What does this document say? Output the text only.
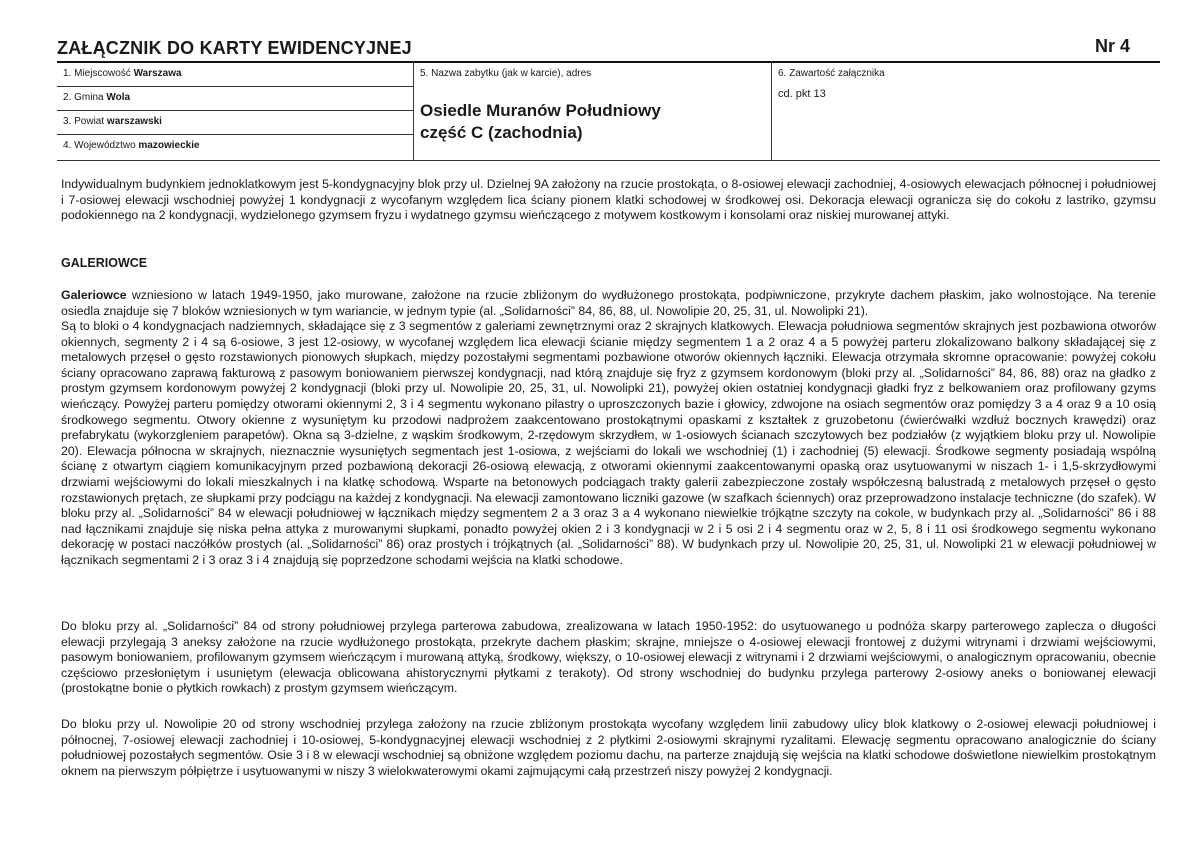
ZAŁĄCZNIK DO KARTY EWIDENCYJNEJ	Nr 4
1. Miejscowość Warszawa
2. Gmina Wola
3. Powiat warszawski
4. Województwo mazowieckie
5. Nazwa zabytku (jak w karcie), adres
Osiedle Muranów Południowy
część C (zachodnia)
6. Zawartość załącznika
cd. pkt 13

Indywidualnym budynkiem jednoklatkowym jest 5-kondygnacyjny blok przy ul. Dzielnej 9A założony na rzucie prostokąta, o 8-osiowej elewacji zachodniej, 4-osiowych elewacjach północnej i południowej i 7-osiowej elewacji wschodniej powyżej 1 kondygnacji z wycofanym względem lica ściany pionem klatki schodowej w środkowej osi. Dekoracja elewacji ogranicza się do cokołu z lastriko, gzymsu podokiennego na 2 kondygnacji, wydzielonego gzymsem fryzu i wydatnego gzymsu wieńczącego z motywem kostkowym i konsolami oraz niskiej murowanej attyki.

GALERIOWCE

Galeriowce wzniesiono w latach 1949-1950, jako murowane, założone na rzucie zbliżonym do wydłużonego prostokąta, podpiwniczone, przykryte dachem płaskim, jako wolnostojące. Na terenie osiedla znajduje się 7 bloków wzniesionych w tym wariancie, w jednym typie (al. „Solidarności” 84, 86, 88, ul. Nowolipie 20, 25, 31, ul. Nowolipki 21).

Są to bloki o 4 kondygnacjach nadziemnych, składające się z 3 segmentów z galeriami zewnętrznymi oraz 2 skrajnych klatkowych. Elewacja południowa segmentów skrajnych jest pozbawiona otworów okiennych, segmenty 2 i 4 są 6-osiowe, 3 jest 12-osiowy, w wycofanej względem lica elewacji ścianie między segmentem 1 a 2 oraz 4 a 5 powyżej parteru zlokalizowano balkony składającej się z metalowych przęseł o gęsto rozstawionych pionowych słupkach, między pozostałymi segmentami pozbawione otworów okiennych łączniki. Elewacja otrzymała skromne opracowanie: powyżej cokołu ściany opracowano zaprawą fakturową z pasowym boniowaniem pierwszej kondygnacji, nad którą znajduje się fryz z gzymsem kordonowym (bloki przy al. „Solidarności” 84, 86, 88) oraz na gładko z prostym gzymsem kordonowym powyżej 2 kondygnacji (bloki przy ul. Nowolipie 20, 25, 31, ul. Nowolipki 21), powyżej okien ostatniej kondygnacji gładki fryz z belkowaniem oraz profilowany gzyms wieńczący. Powyżej parteru pomiędzy otworami okiennymi 2, 3 i 4 segmentu wykonano pilastry o uproszczonych bazie i głowicy, zdwojone na osiach segmentów oraz pomiędzy 3 a 4 oraz 9 a 10 osią środkowego segmentu. Otwory okienne z wysuniętym ku przodowi nadprożem zaakcentowano prostokątnymi opaskami z kształtek z gruzobetonu (ćwierćwałki wzdłuż bocznych krawędzi) oraz prefabrykatu (wykorzgleniem parapetów). Okna są 3-dzielne, z wąskim środkowym, 2-rzędowym skrzydłem, w 1-osiowych ścianach szczytowych bez podziałów (z wyjątkiem bloku przy ul. Nowolipie 20). Elewacja północna w skrajnych, nieznacznie wysuniętych segmentach jest 1-osiowa, z wejściami do lokali we wschodniej (1) i zachodniej (5) elewacji. Środkowe segmenty posiadają wspólną ścianę z otwartym ciągiem komunikacyjnym przed pozbawioną dekoracji 26-osiową elewacją, z otworami okiennymi zaakcentowanymi opaską oraz usytuowanymi w niszach 1- i 1,5-skrzydłowymi drzwiami wejściowymi do lokali mieszkalnych i na klatkę schodową. Wsparte na betonowych podciągach trakty galerii zabezpieczone zostały współczesną balustradą z metalowych przęseł o gęsto rozstawionych prętach, ze słupkami przy podciągu na każdej z kondygnacji. Na elewacji zamontowano liczniki gazowe (w szafkach ściennych) oraz przeprowadzono instalacje techniczne (do szafek). W bloku przy al. „Solidarności” 84 w elewacji południowej w łącznikach między segmentem 2 a 3 oraz 3 a 4 wykonano niewielkie trójkątne szczyty na cokole, w budynkach przy al. „Solidarności” 86 i 88 nad łącznikami znajduje się niska pełna attyka z murowanymi słupkami, ponadto powyżej okien 2 i 3 kondygnacji w 2 i 5 osi 2 i 4 segmentu oraz w 2, 5, 8 i 11 osi środkowego segmentu wykonano dekorację w postaci naczółków prostych (al. „Solidarności” 86) oraz prostych i trójkątnych (al. „Solidarności” 88). W budynkach przy ul. Nowolipie 20, 25, 31, ul. Nowolipki 21 w elewacji południowej w łącznikach segmentami 2 i 3 oraz 3 i 4 znajdują się poprzedzone schodami wejścia na klatki schodowe.

Do bloku przy al. „Solidarności” 84 od strony południowej przylega parterowa zabudowa, zrealizowana w latach 1950-1952: do usytuowanego u podnóża skarpy parterowego zaplecza o długości elewacji przylegają 3 aneksy założone na rzucie wydłużonego prostokąta, przekryte dachem płaskim; skrajne, mniejsze o 4-osiowej elewacji frontowej z dużymi witrynami i drzwiami wejściowymi, pasowym boniowaniem, profilowanym gzymsem wieńczącym i murowaną attyką, środkowy, większy, o 10-osiowej elewacji z witrynami i 2 drzwiami wejściowymi, o analogicznym opracowaniu, obecnie częściowo przesłoniętym i usuniętym (elewacja oblicowana ahistorycznymi płytkami z terakoty). Od strony wschodniej do budynku przylega parterowy 2-osiowy aneks o boniowanej elewacji (prostokątne bonie o płytkich rowkach) z prostym gzymsem wieńczącym.

Do bloku przy ul. Nowolipie 20 od strony wschodniej przylega założony na rzucie zbliżonym prostokąta wycofany względem linii zabudowy ulicy blok klatkowy o 2-osiowej elewacji południowej i północnej, 7-osiowej elewacji zachodniej i 10-osiowej, 5-kondygnacyjnej elewacji wschodniej z 2 płytkimi 2-osiowymi skrajnymi ryzalitami. Elewację segmentu opracowano analogicznie do ściany południowej pozostałych segmentów. Osie 3 i 8 w elewacji wschodniej są obniżone względem poziomu dachu, na parterze znajdują się wejścia na klatki schodowe doświetlone niewielkim prostokątnym oknem na pierwszym półpiętrze i usytuowanymi w niszy 3 wielokwaterowymi okami zajmującymi całą przestrzeń niszy powyżej 2 kondygnacji.
